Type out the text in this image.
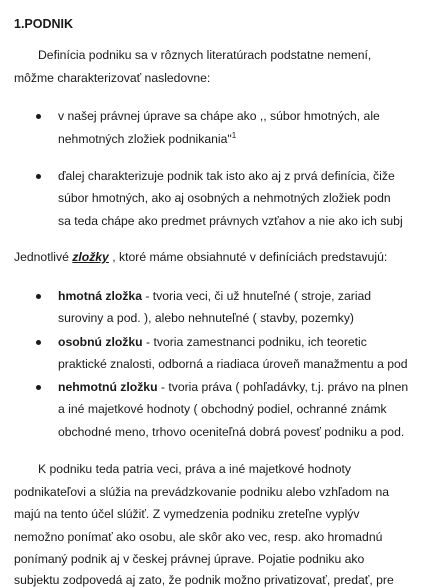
1.PODNIK
Definícia podniku sa v rôznych literatúrach podstatne nemení,
môžme charakterizovať nasledovne:
v našej právnej úprave sa chápe ako ,, súbor hmotných, ale
nehmotných zložiek podnikania"$^1$
ďalej charakterizuje podnik tak isto ako aj z prvá definícia, čiže
súbor hmotných, ako aj osobných a nehmotných zložiek podn
sa teda chápe ako predmet právnych vzťahov a nie ako ich subj
Jednotlivé zložky , ktoré máme obsiahnuté v definíciách predstavujú:
hmotná zložka - tvoria veci, či už hnuteľné ( stroje, zariad
suroviny a pod. ), alebo nehnuteľné ( stavby, pozemky)
osobnú zložku - tvoria zamestnanci podniku, ich teoretic
praktické znalosti, odborná a riadiaca úroveň manažmentu a pod
nehmotnú zložku - tvoria práva ( pohľadávky, t.j. právo na plnen
a iné majetkové hodnoty ( obchodný podiel, ochranné známk
obchodné meno, trhovo oceniteľná dobrá povesť podniku a pod.
K podniku teda patria veci, práva a iné majetkové hodnoty
podnikateľovi a slúžia na prevádzkovanie podniku alebo vzhľadom na
majú na tento účel slúžiť. Z vymedzenia podniku zreteľne vyplýv
nemožno ponímať ako osobu, ale skôr ako vec, resp. ako hromadnú
ponímaný podnik aj v českej právnej úprave. Pojatie podniku ako
subjektu zodpovedá aj zato, že podnik možno privatizovať, predať, pre
